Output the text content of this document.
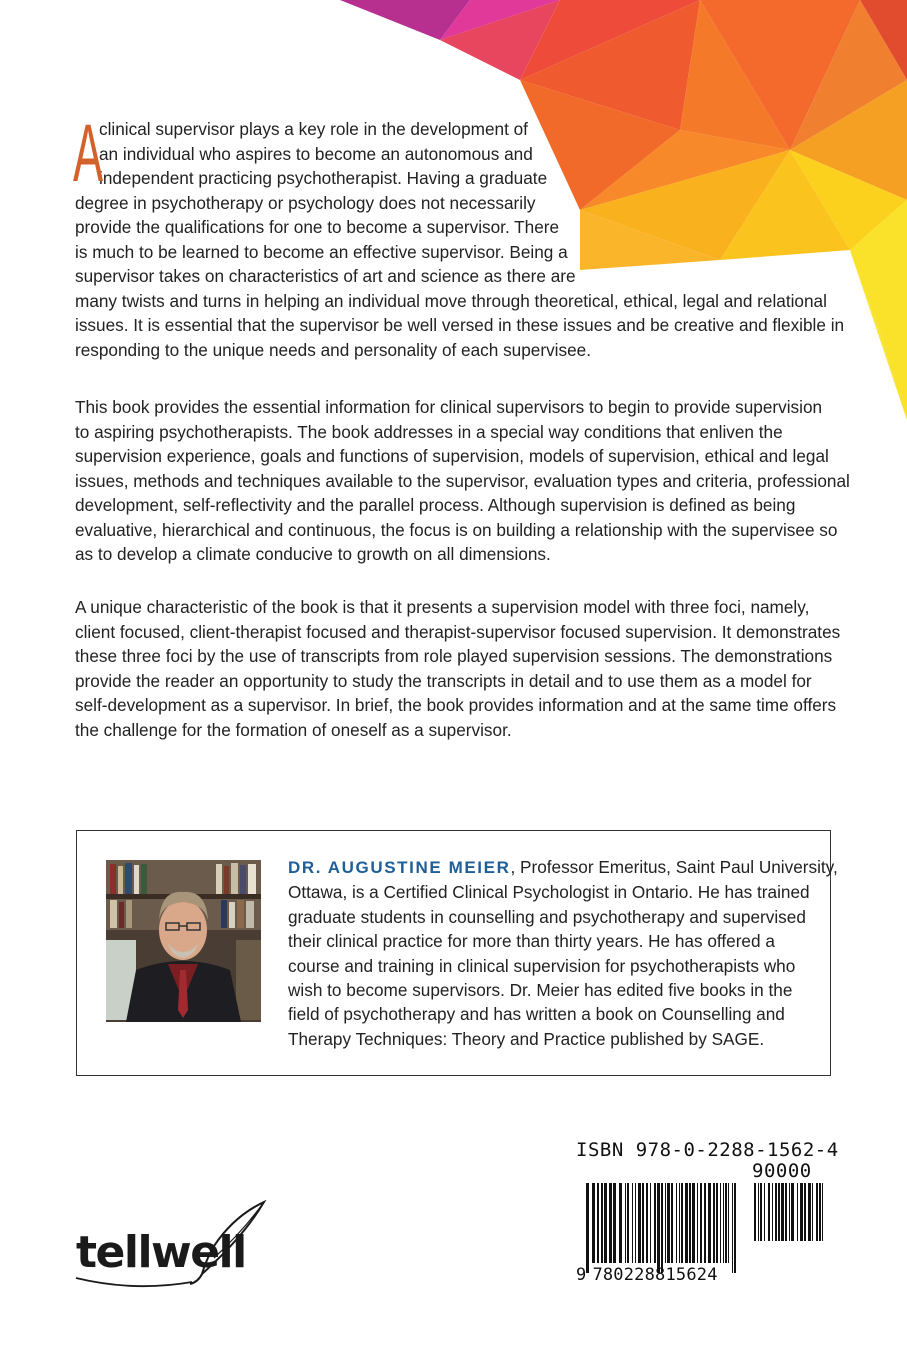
A
clinical supervisor plays a key role in the development of
an individual who aspires to become an autonomous and
independent practicing psychotherapist. Having a graduate
degree in psychotherapy or psychology does not necessarily
provide the qualifications for one to become a supervisor. There
is much to be learned to become an effective supervisor. Being a
supervisor takes on characteristics of art and science as there are
many twists and turns in helping an individual move through theoretical, ethical, legal and relational
issues. It is essential that the supervisor be well versed in these issues and be creative and flexible in
responding to the unique needs and personality of each supervisee.
This book provides the essential information for clinical supervisors to begin to provide supervision
to aspiring psychotherapists. The book addresses in a special way conditions that enliven the
supervision experience, goals and functions of supervision, models of supervision, ethical and legal
issues, methods and techniques available to the supervisor, evaluation types and criteria, professional
development, self-reflectivity and the parallel process. Although supervision is defined as being
evaluative, hierarchical and continuous, the focus is on building a relationship with the supervisee so
as to develop a climate conducive to growth on all dimensions.
A unique characteristic of the book is that it presents a supervision model with three foci, namely,
client focused, client-therapist focused and therapist-supervisor focused supervision. It demonstrates
these three foci by the use of transcripts from role played supervision sessions. The demonstrations
provide the reader an opportunity to study the transcripts in detail and to use them as a model for
self-development as a supervisor. In brief, the book provides information and at the same time offers
the challenge for the formation of oneself as a supervisor.
DR. AUGUSTINE MEIER, Professor Emeritus, Saint Paul University,
Ottawa, is a Certified Clinical Psychologist in Ontario. He has trained
graduate students in counselling and psychotherapy and supervised
their clinical practice for more than thirty years. He has offered a
course and training in clinical supervision for psychotherapists who
wish to become supervisors. Dr. Meier has edited five books in the
field of psychotherapy and has written a book on Counselling and
Therapy Techniques: Theory and Practice published by SAGE.
ISBN 978-0-2288-1562-4
90000
9 780228815624
tellwell
